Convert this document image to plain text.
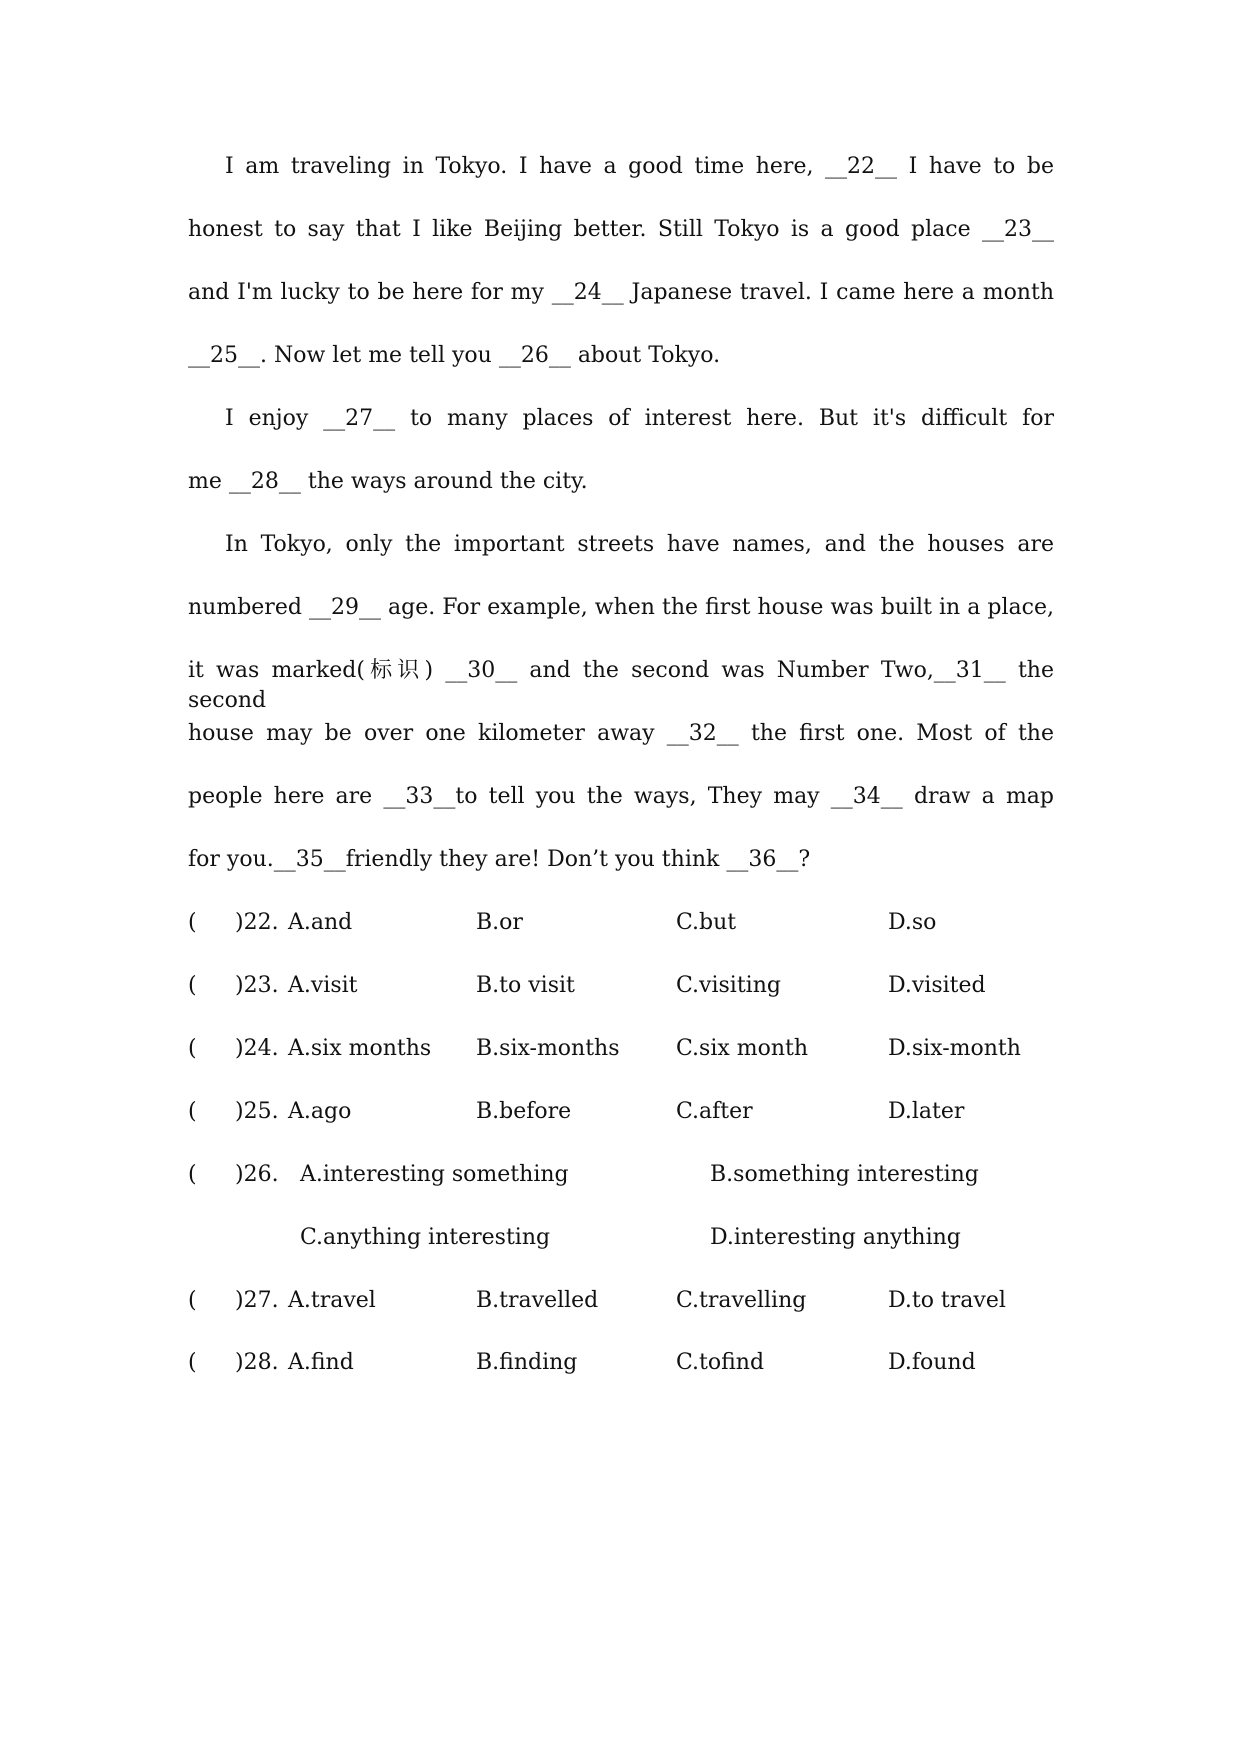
I am traveling in Tokyo. I have a good time here, __22__ I have to be
honest to say that I like Beijing better. Still Tokyo is a good place __23__
and I'm lucky to be here for my __24__ Japanese travel. I came here a month
__25__. Now let me tell you __26__ about Tokyo.
I enjoy __27__ to many places of interest here. But it's difficult for
me __28__ the ways around the city.
In Tokyo, only the important streets have names, and the houses are
numbered __29__ age. For example, when the first house was built in a place,
it was marked(标识) __30__ and the second was Number Two,__31__ the second
house may be over one kilometer away __32__ the first one. Most of the
people here are __33__to tell you the ways, They may __34__ draw a map
for you.__35__friendly they are! Don’t you think __36__?
( )22. A.and	B.or	C.but	D.so
( )23. A.visit	B.to visit	C.visiting	D.visited
( )24. A.six months B.six-months	C.six month	D.six-month
( )25. A.ago	B.before	C.after	D.later
( )26. A.interesting something	B.something interesting
C.anything interesting	D.interesting anything
( )27. A.travel	B.travelled	C.travelling	D.to travel
( )28. A.find	B.finding	C.tofind	D.found
